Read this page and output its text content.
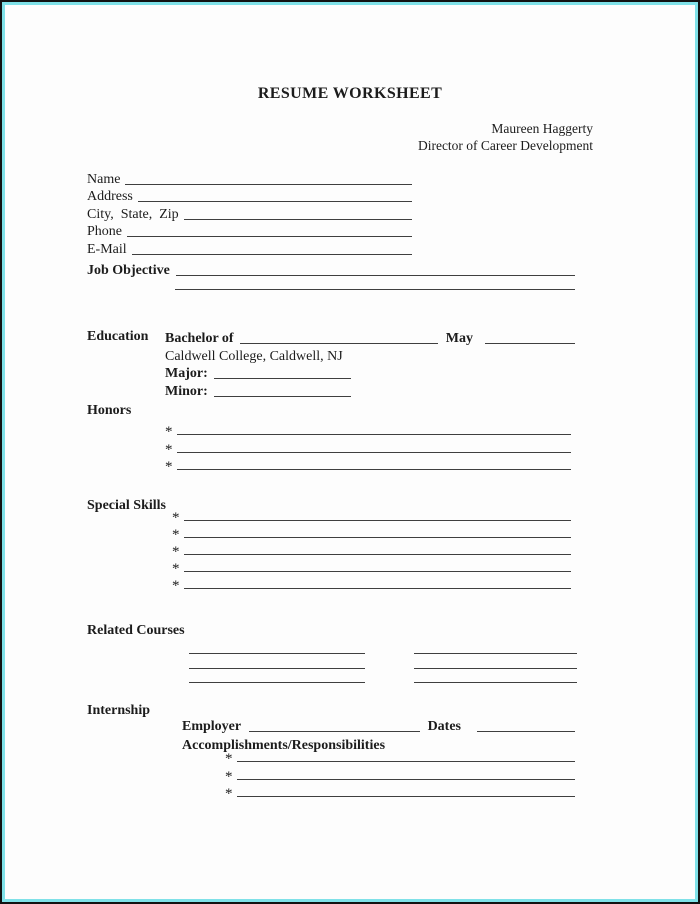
RESUME WORKSHEET
Maureen Haggerty
Director of Career Development
Name
Address
City,  State,  Zip
Phone
E-Mail
Job Objective
Education Bachelor of	May
Caldwell College, Caldwell, NJ
Major:
Minor:
Honors
*
*
*
Special Skills
*
*
*
*
*
Related Courses
Internship
Employer	Dates
Accomplishments/Responsibilities
*
*
*
